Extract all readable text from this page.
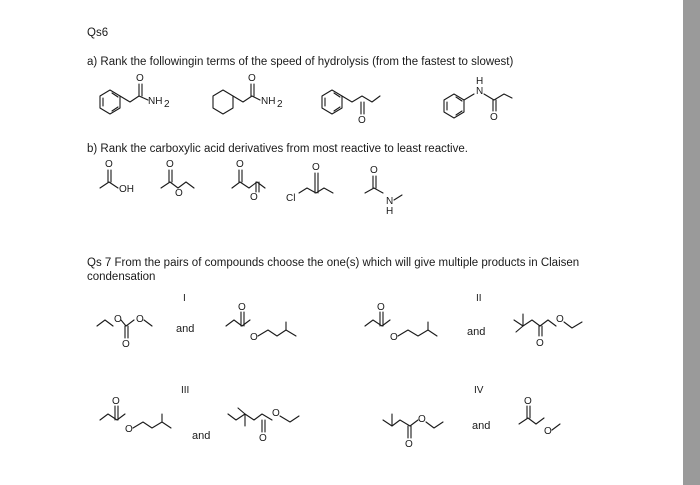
Qs6
a) Rank the followingin terms of the speed of hydrolysis (from the fastest to slowest)
b) Rank the carboxylic acid derivatives from most reactive to least reactive.
Qs 7 From the pairs of compounds choose the one(s) which will give multiple products in Claisen
condensation
I	II
III	IV
and	and
and
and
O
NH 2
O
NH 2
O
H
N
O
O
OH
O
O
O
O	Cl
O	O
N
H
O O
O
O
O
O
O
O
O
O
O
O
O
O
O
O
O
